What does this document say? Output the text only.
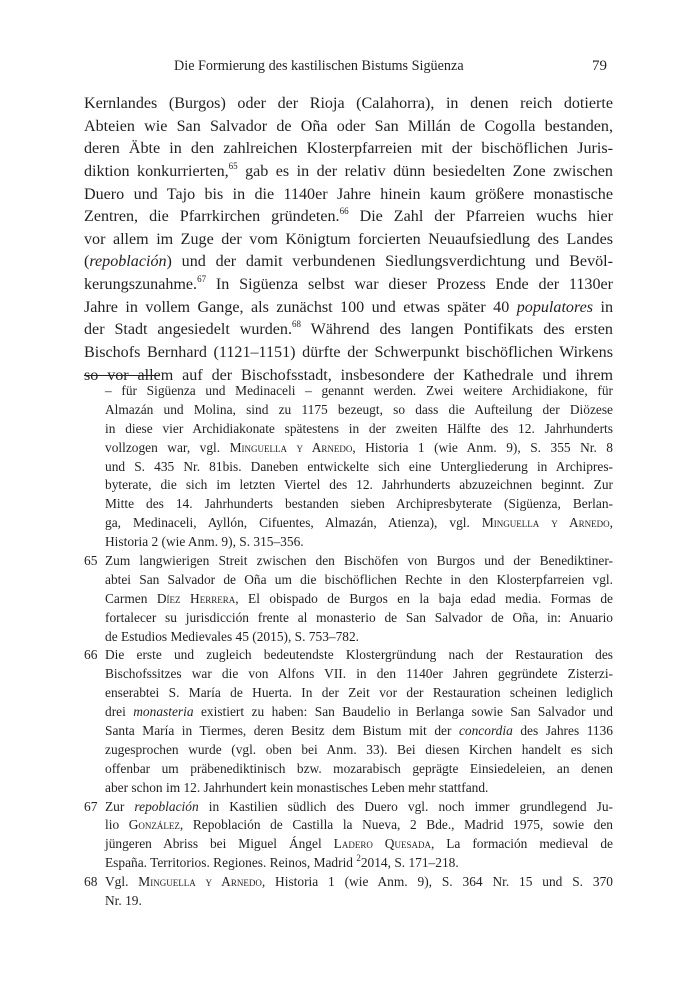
Die Formierung des kastilischen Bistums Sigüenza	79
Kernlandes (Burgos) oder der Rioja (Calahorra), in denen reich dotierte
Abteien wie San Salvador de Oña oder San Millán de Cogolla bestanden,
deren Äbte in den zahlreichen Klosterpfarreien mit der bischöflichen Juris-
diktion konkurrierten,$^{65}$ gab es in der relativ dünn besiedelten Zone zwischen
Duero und Tajo bis in die 1140er Jahre hinein kaum größere monastische
Zentren, die Pfarrkirchen gründeten.$^{66}$ Die Zahl der Pfarreien wuchs hier
vor allem im Zuge der vom Königtum forcierten Neuaufsiedlung des Landes
(repoblación) und der damit verbundenen Siedlungsverdichtung und Bevöl-
kerungszunahme.$^{67}$ In Sigüenza selbst war dieser Prozess Ende der 1130er
Jahre in vollem Gange, als zunächst 100 und etwas später 40 populatores in
der Stadt angesiedelt wurden.$^{68}$ Während des langen Pontifikats des ersten
Bischofs Bernhard (1121–1151) dürfte der Schwerpunkt bischöflichen Wirkens
so vor allem auf der Bischofsstadt, insbesondere der Kathedrale und ihrem
– für Sigüenza und Medinaceli – genannt werden. Zwei weitere Archidiakone, für
Almazán und Molina, sind zu 1175 bezeugt, so dass die Aufteilung der Diözese
in diese vier Archidiakonate spätestens in der zweiten Hälfte des 12. Jahrhunderts
vollzogen war, vgl. Minguella y Arnedo, Historia 1 (wie Anm. 9), S. 355 Nr. 8
und S. 435 Nr. 81bis. Daneben entwickelte sich eine Untergliederung in Archipres-
byterate, die sich im letzten Viertel des 12. Jahrhunderts abzuzeichnen beginnt. Zur
Mitte des 14. Jahrhunderts bestanden sieben Archipresbyterate (Sigüenza, Berlan-
ga, Medinaceli, Ayllón, Cifuentes, Almazán, Atienza), vgl. Minguella y Arnedo,
Historia 2 (wie Anm. 9), S. 315–356.
65 Zum langwierigen Streit zwischen den Bischöfen von Burgos und der Benediktiner-
abtei San Salvador de Oña um die bischöflichen Rechte in den Klosterpfarreien vgl.
Carmen Díez Herrera, El obispado de Burgos en la baja edad media. Formas de
fortalecer su jurisdicción frente al monasterio de San Salvador de Oña, in: Anuario
de Estudios Medievales 45 (2015), S. 753–782.
66 Die erste und zugleich bedeutendste Klostergründung nach der Restauration des
Bischofssitzes war die von Alfons VII. in den 1140er Jahren gegründete Zisterzi-
enserabtei S. María de Huerta. In der Zeit vor der Restauration scheinen lediglich
drei monasteria existiert zu haben: San Baudelio in Berlanga sowie San Salvador und
Santa María in Tiermes, deren Besitz dem Bistum mit der concordia des Jahres 1136
zugesprochen wurde (vgl. oben bei Anm. 33). Bei diesen Kirchen handelt es sich
offenbar um präbenediktinisch bzw. mozarabisch geprägte Einsiedeleien, an denen
aber schon im 12. Jahrhundert kein monastisches Leben mehr stattfand.
67 Zur repoblación in Kastilien südlich des Duero vgl. noch immer grundlegend Ju-
lio González, Repoblación de Castilla la Nueva, 2 Bde., Madrid 1975, sowie den
jüngeren Abriss bei Miguel Ángel Ladero Quesada, La formación medieval de
España. Territorios. Regiones. Reinos, Madrid $^2$2014, S. 171–218.
68 Vgl. Minguella y Arnedo, Historia 1 (wie Anm. 9), S. 364 Nr. 15 und S. 370
Nr. 19.
